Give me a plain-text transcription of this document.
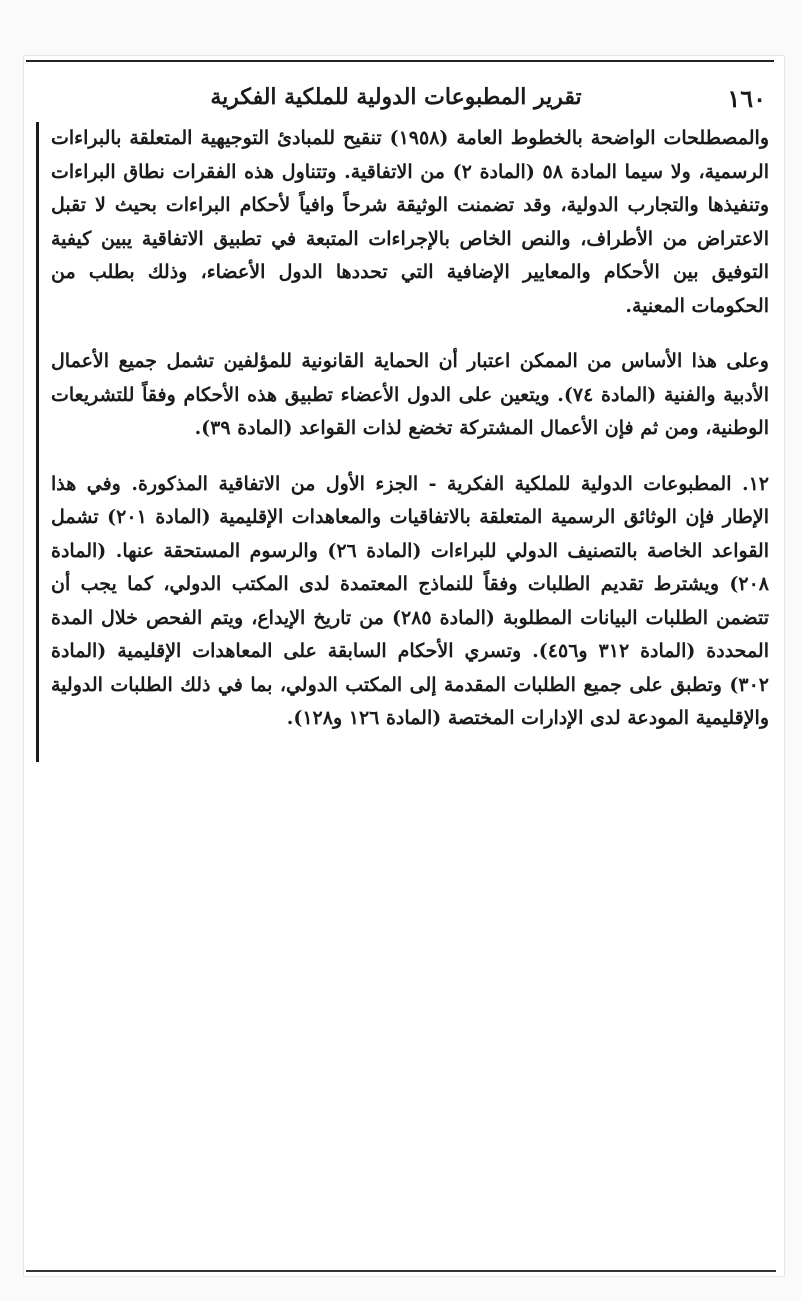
١٦٠
تقرير المطبوعات الدولية للملكية الفكرية

والمصطلحات الواضحة بالخطوط العامة (١٩٥٨) تنقيح للمبادئ التوجيهية المتعلقة بالبراءات الرسمية، ولا سيما المادة ٥٨ (المادة ٢) من الاتفاقية. وتتناول هذه الفقرات نطاق البراءات وتنفيذها والتجارب الدولية، وقد تضمنت الوثيقة شرحاً وافياً لأحكام البراءات بحيث لا تقبل الاعتراض من الأطراف، والنص الخاص بالإجراءات المتبعة في تطبيق الاتفاقية يبين كيفية التوفيق بين الأحكام والمعايير الإضافية التي تحددها الدول الأعضاء، وذلك بطلب من الحكومات المعنية.

وعلى هذا الأساس من الممكن اعتبار أن الحماية القانونية للمؤلفين تشمل جميع الأعمال الأدبية والفنية (المادة ٧٤). ويتعين على الدول الأعضاء تطبيق هذه الأحكام وفقاً للتشريعات الوطنية، ومن ثم فإن الأعمال المشتركة تخضع لذات القواعد (المادة ٣٩).

١٢. المطبوعات الدولية للملكية الفكرية - الجزء الأول من الاتفاقية المذكورة. وفي هذا الإطار فإن الوثائق الرسمية المتعلقة بالاتفاقيات والمعاهدات الإقليمية (المادة ٢٠١) تشمل القواعد الخاصة بالتصنيف الدولي للبراءات (المادة ٢٦) والرسوم المستحقة عنها. (المادة ٢٠٨) ويشترط تقديم الطلبات وفقاً للنماذج المعتمدة لدى المكتب الدولي، كما يجب أن تتضمن الطلبات البيانات المطلوبة (المادة ٢٨٥) من تاريخ الإيداع، ويتم الفحص خلال المدة المحددة (المادة ٣١٢ و٤٥٦). وتسري الأحكام السابقة على المعاهدات الإقليمية (المادة ٣٠٢) وتطبق على جميع الطلبات المقدمة إلى المكتب الدولي، بما في ذلك الطلبات الدولية والإقليمية المودعة لدى الإدارات المختصة (المادة ١٢٦ و١٢٨).
